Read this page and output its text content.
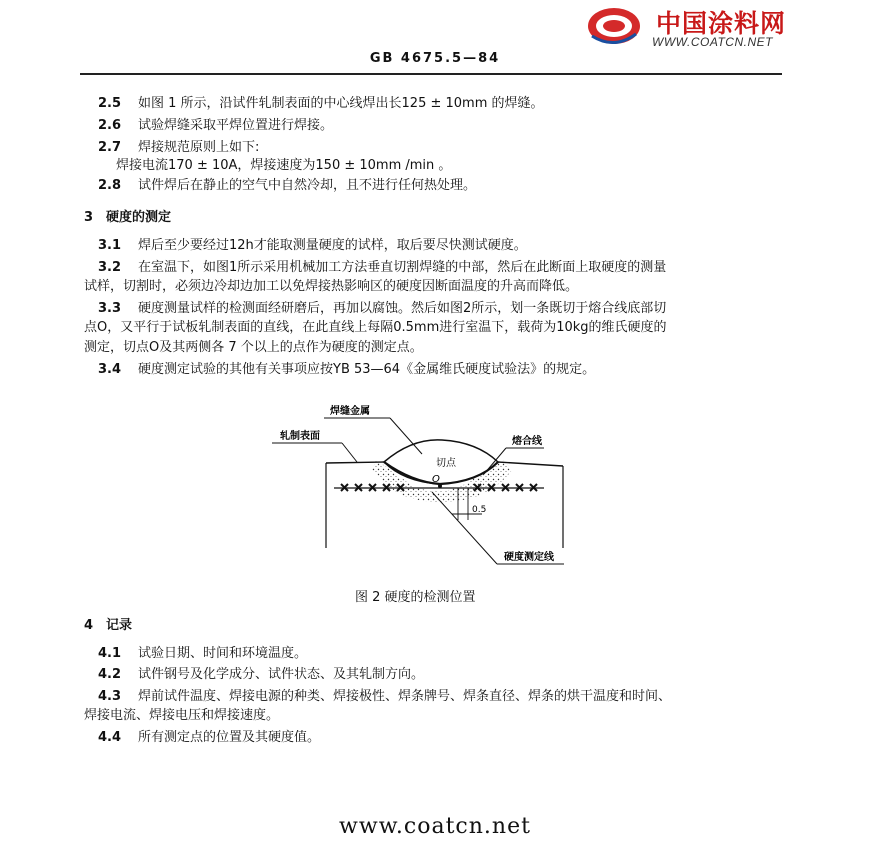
中国涂料网
WWW.COATCN.NET
GB 4675.5—84
2.5 如图 1 所示，沿试件轧制表面的中心线焊出长125 ± 10mm 的焊缝。
2.6 试验焊缝采取平焊位置进行焊接。
2.7 焊接规范原则上如下:
焊接电流170 ± 10A，焊接速度为150 ± 10mm /min 。
2.8 试件焊后在静止的空气中自然冷却，且不进行任何热处理。
3 硬度的测定
3.1 焊后至少要经过12h才能取测量硬度的试样，取后要尽快测试硬度。
3.2 在室温下，如图1所示采用机械加工方法垂直切割焊缝的中部，然后在此断面上取硬度的测量
试样，切割时，必须边冷却边加工以免焊接热影响区的硬度因断面温度的升高而降低。
3.3 硬度测量试样的检测面经研磨后，再加以腐蚀。然后如图2所示，划一条既切于熔合线底部切
点O，又平行于试板轧制表面的直线，在此直线上每隔0.5mm进行室温下，载荷为10kg的维氏硬度的
测定，切点O及其两侧各 7 个以上的点作为硬度的测定点。
3.4 硬度测定试验的其他有关事项应按YB 53—64《金属维氏硬度试验法》的规定。
焊缝金属
轧制表面	熔合线
切点
O
0.5
硬度测定线
图 2 硬度的检测位置
4 记录
4.1 试验日期、时间和环境温度。
4.2 试件钢号及化学成分、试件状态、及其轧制方向。
4.3 焊前试件温度、焊接电源的种类、焊接极性、焊条牌号、焊条直径、焊条的烘干温度和时间、
焊接电流、焊接电压和焊接速度。
4.4 所有测定点的位置及其硬度值。
www.coatcn.net
